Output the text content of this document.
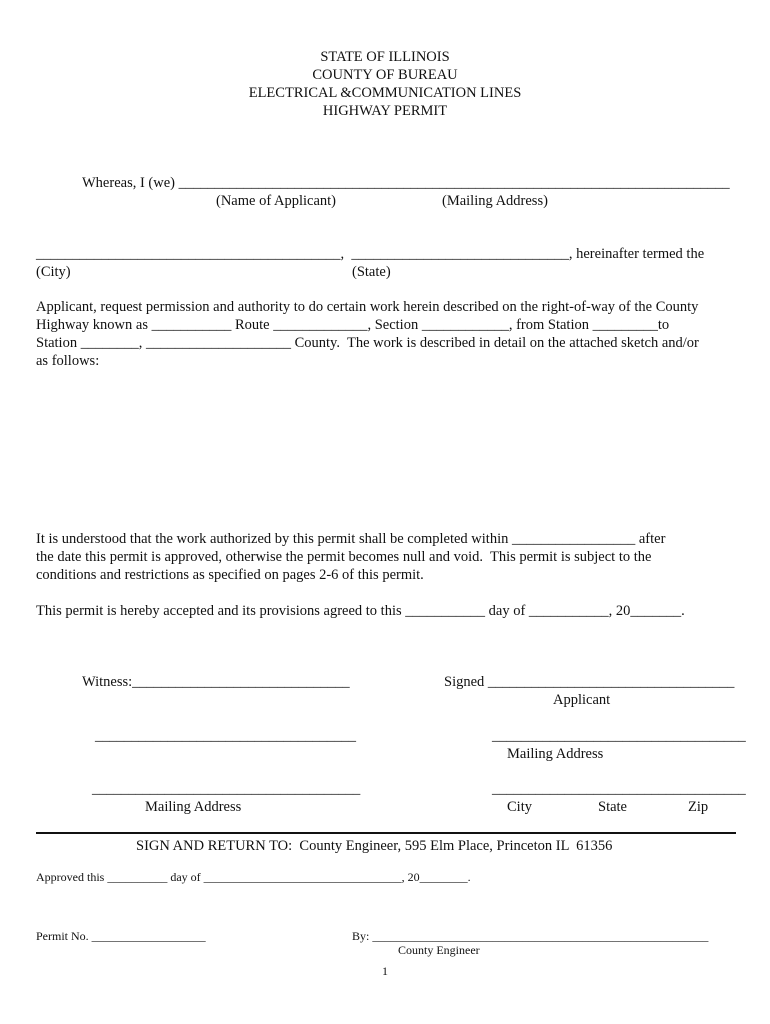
STATE OF ILLINOIS
COUNTY OF BUREAU
ELECTRICAL &COMMUNICATION LINES
HIGHWAY PERMIT
Whereas, I (we) ____________________________________________________________________________
(Name of Applicant)	(Mailing Address)
__________________________________________,  ______________________________, hereinafter termed the
(City)	(State)
Applicant, request permission and authority to do certain work herein described on the right-of-way of the County
Highway known as ___________ Route _____________, Section ____________, from Station _________to
Station ________, ____________________ County.  The work is described in detail on the attached sketch and/or
as follows:
It is understood that the work authorized by this permit shall be completed within _________________ after
the date this permit is approved, otherwise the permit becomes null and void.  This permit is subject to the
conditions and restrictions as specified on pages 2-6 of this permit.
This permit is hereby accepted and its provisions agreed to this ___________ day of ___________, 20_______.
Witness:______________________________	Signed __________________________________
Applicant
____________________________________	___________________________________
Mailing Address
_____________________________________	___________________________________
Mailing Address	City	State	Zip
SIGN AND RETURN TO:  County Engineer, 595 Elm Place, Princeton IL  61356
Approved this __________ day of _________________________________, 20________.
Permit No. ___________________	By: ________________________________________________________
County Engineer
1
